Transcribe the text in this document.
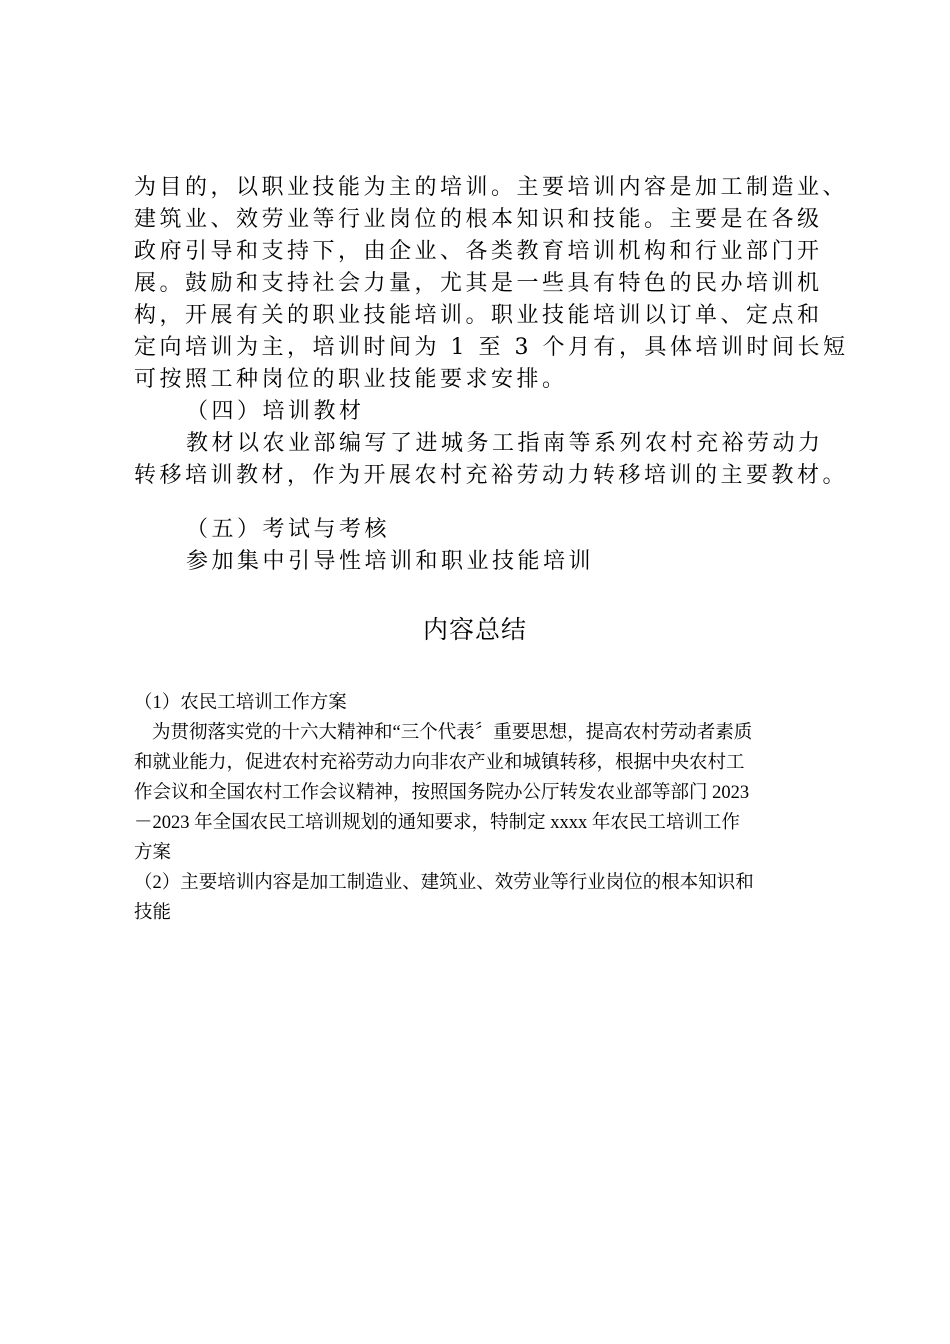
为目的，以职业技能为主的培训。主要培训内容是加工制造业、
建筑业、效劳业等行业岗位的根本知识和技能。主要是在各级
政府引导和支持下，由企业、各类教育培训机构和行业部门开
展。鼓励和支持社会力量，尤其是一些具有特色的民办培训机
构，开展有关的职业技能培训。职业技能培训以订单、定点和
定向培训为主，培训时间为 1 至 3 个月有，具体培训时间长短
可按照工种岗位的职业技能要求安排。
（四）培训教材
教材以农业部编写了进城务工指南等系列农村充裕劳动力
转移培训教材，作为开展农村充裕劳动力转移培训的主要教材。
（五）考试与考核
参加集中引导性培训和职业技能培训
内容总结
（1）农民工培训工作方案
为贯彻落实党的十六大精神和“三个代表〞重要思想，提高农村劳动者素质
和就业能力，促进农村充裕劳动力向非农产业和城镇转移，根据中央农村工
作会议和全国农村工作会议精神，按照国务院办公厅转发农业部等部门 2023
－2023 年全国农民工培训规划的通知要求，特制定 xxxx 年农民工培训工作
方案
（2）主要培训内容是加工制造业、建筑业、效劳业等行业岗位的根本知识和
技能
